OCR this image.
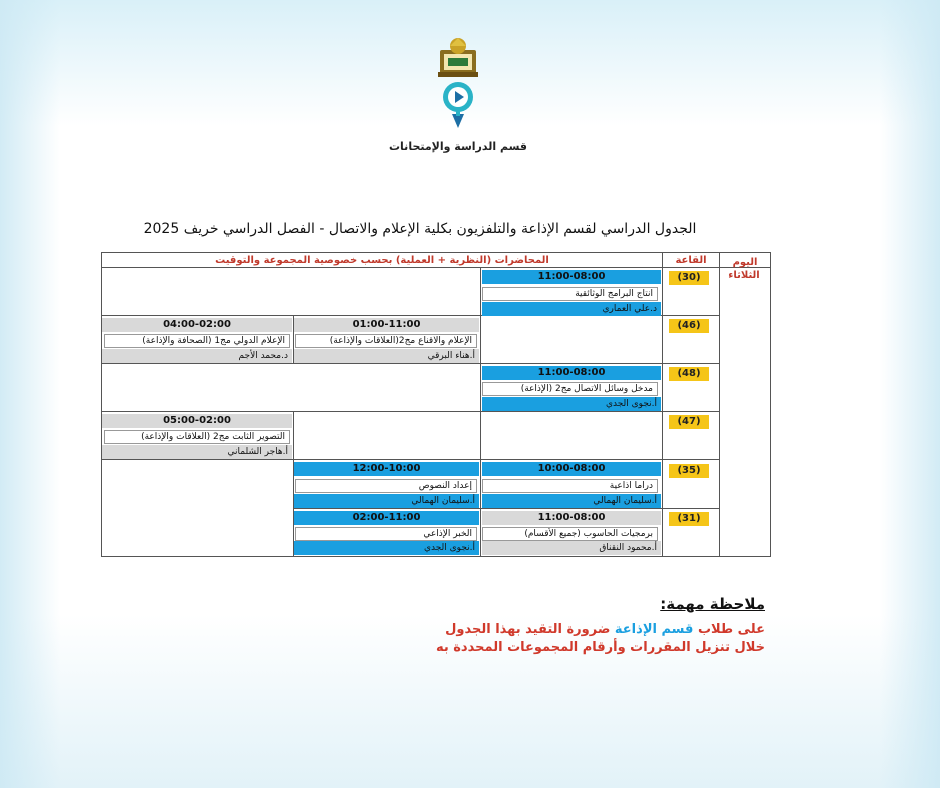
قسم الدراسة والإمتحانات
الجدول الدراسي لقسم الإذاعة والتلفزيون بكلية الإعلام والاتصال - الفصل الدراسي خريف 2025
المحاضرات (النظرية + العملية) بحسب خصوصية المجموعة والتوقيت	القاعة	اليوم
الثلاثاء
(30)
11:00-08:00
انتاج البرامج الوثائقية
د.علي العماري
(46)
01:00-11:00
الإعلام والاقناع مج2(العلاقات والإذاعة)
أ.هناء البرقي
04:00-02:00
الإعلام الدولي مج1 (الصحافة والإذاعة)
د.محمد الأجم
(48)
11:00-08:00
مدخل وسائل الاتصال مج2 (الإذاعة)
أ.نجوى الجدي
(47)
05:00-02:00
التصوير الثابت مج2 (العلاقات والإذاعة)
أ.هاجر الشلماني
(35)
10:00-08:00
دراما اذاعية
أ.سليمان الهمالي
12:00-10:00
إعداد النصوص
أ.سليمان الهمالي
(31)
11:00-08:00
برمجيات الحاسوب (جميع الأقسام)
أ.محمود النقناق
02:00-11:00
الخبر الإذاعي
أ.نجوى الجدي
ملاحظة مهمة:
على طلاب قسم الإذاعة ضرورة التقيد بهذا الجدول
خلال تنزيل المقررات وأرقام المجموعات المحددة به
